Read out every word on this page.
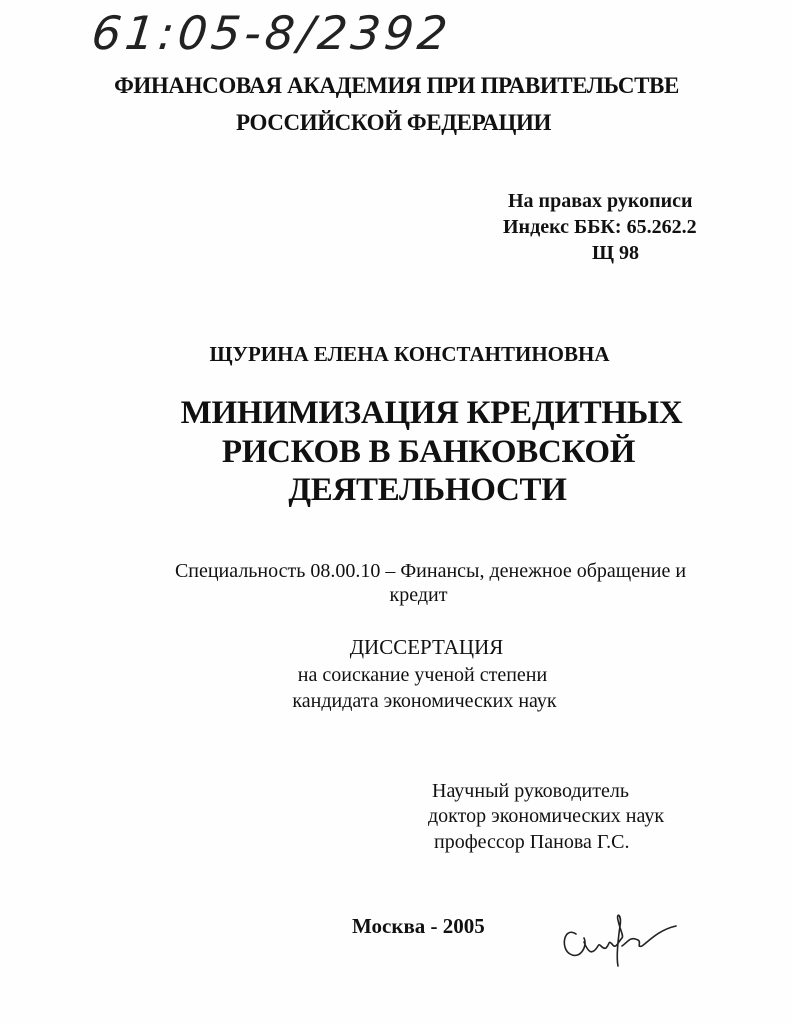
61:05-8/2392
ФИНАНСОВАЯ АКАДЕМИЯ ПРИ ПРАВИТЕЛЬСТВЕ
РОССИЙСКОЙ ФЕДЕРАЦИИ
На правах рукописи
Индекс ББК: 65.262.2
Щ 98
ЩУРИНА ЕЛЕНА КОНСТАНТИНОВНА
МИНИМИЗАЦИЯ КРЕДИТНЫХ
РИСКОВ В БАНКОВСКОЙ
ДЕЯТЕЛЬНОСТИ
Специальность 08.00.10 – Финансы, денежное обращение и
кредит
ДИССЕРТАЦИЯ
на соискание ученой степени
кандидата экономических наук
Научный руководитель
доктор экономических наук
профессор Панова Г.С.
Москва - 2005
